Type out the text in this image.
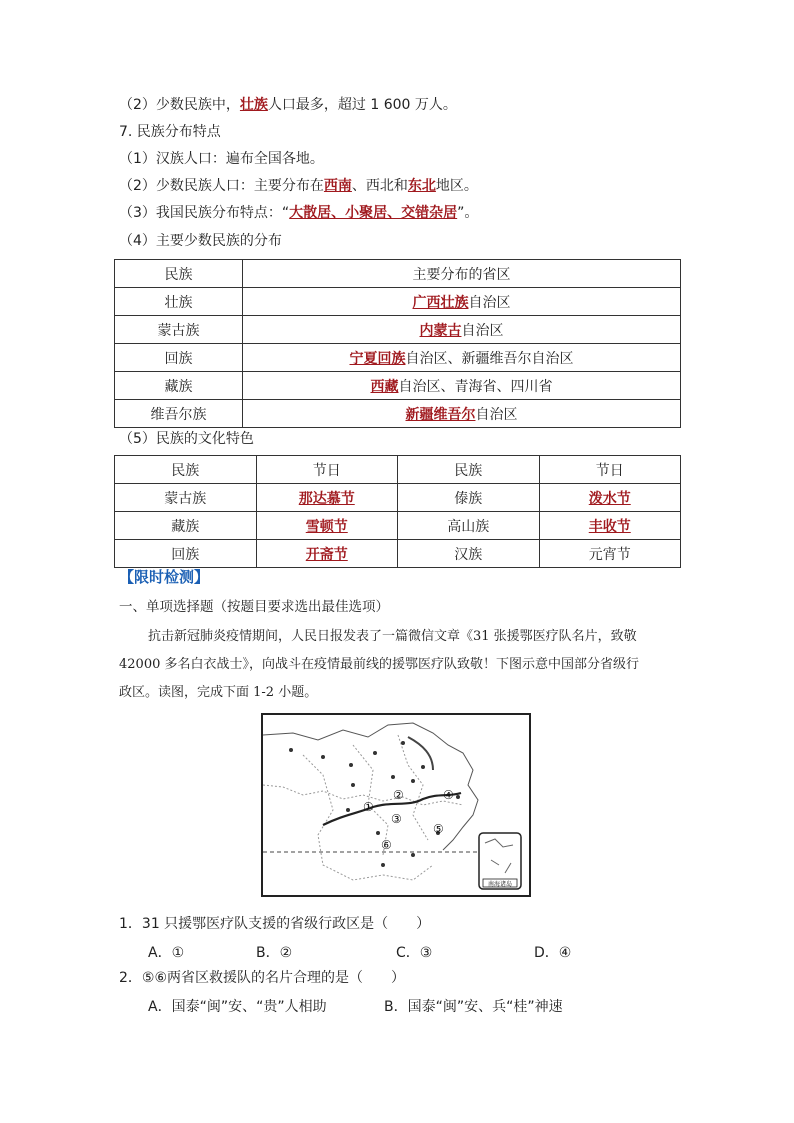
（2）少数民族中，壮族人口最多，超过 1 600 万人。
7. 民族分布特点
（1）汉族人口：遍布全国各地。
（2）少数民族人口：主要分布在西南、西北和东北地区。
（3）我国民族分布特点：“大散居、小聚居、交错杂居”。
（4）主要少数民族的分布
民族	主要分布的省区
壮族	广西壮族自治区
蒙古族	内蒙古自治区
回族	宁夏回族自治区、新疆维吾尔自治区
藏族	西藏自治区、青海省、四川省
维吾尔族	新疆维吾尔自治区
（5）民族的文化特色
民族	节日	民族	节日
蒙古族	那达慕节	傣族	泼水节
藏族	雪顿节	高山族	丰收节
回族	开斋节	汉族	元宵节
【限时检测】
一、单项选择题（按题目要求选出最佳选项）
抗击新冠肺炎疫情期间，人民日报发表了一篇微信文章《31 张援鄂医疗队名片，致敬
42000 多名白衣战士》，向战斗在疫情最前线的援鄂医疗队致敬！下图示意中国部分省级行
政区。读图，完成下面 1-2 小题。
①
②
③
④
⑤
⑥
南海诸岛
1．31 只援鄂医疗队支援的省级行政区是（　　）
A．①	B．②	C．③	D．④
2．⑤⑥两省区救援队的名片合理的是（　　）
A．国泰“闽”安、“贵”人相助	B．国泰“闽”安、兵“桂”神速
